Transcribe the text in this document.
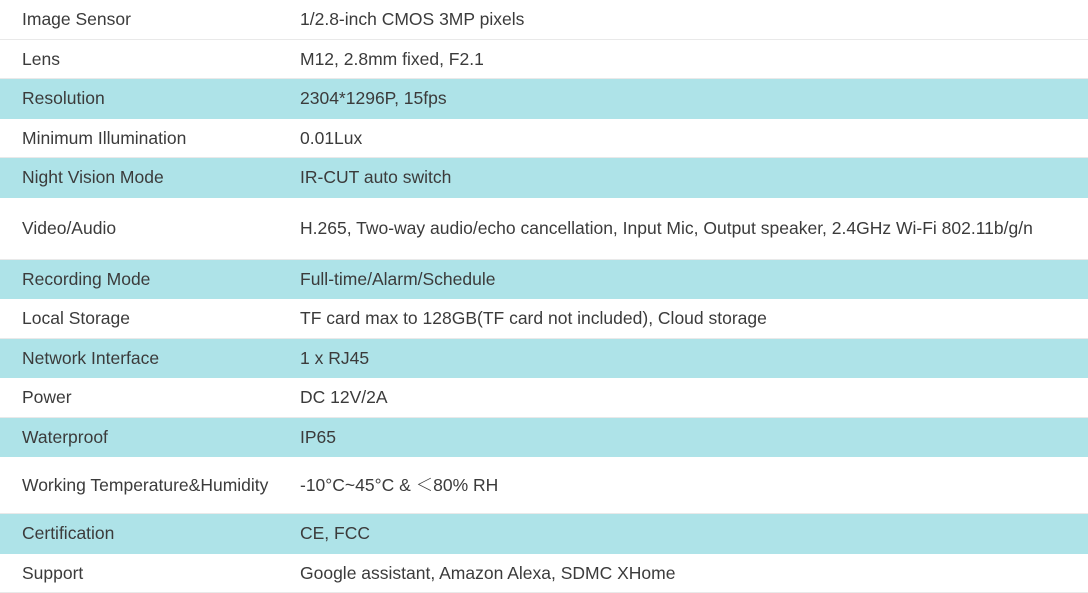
Image Sensor	1/2.8-inch CMOS 3MP pixels
Lens	M12, 2.8mm fixed, F2.1
Resolution	2304*1296P, 15fps
Minimum Illumination	0.01Lux
Night Vision Mode	IR-CUT auto switch
Video/Audio	H.265, Two-way audio/echo cancellation, Input Mic, Output speaker, 2.4GHz Wi-Fi 802.11b/g/n
Recording Mode	Full-time/Alarm/Schedule
Local Storage	TF card max to 128GB(TF card not included), Cloud storage
Network Interface	1 x RJ45
Power	DC 12V/2A
Waterproof	IP65
Working Temperature&Humidity	-10°C~45°C & ＜80% RH
Certification	CE, FCC
Support	Google assistant, Amazon Alexa, SDMC XHome
